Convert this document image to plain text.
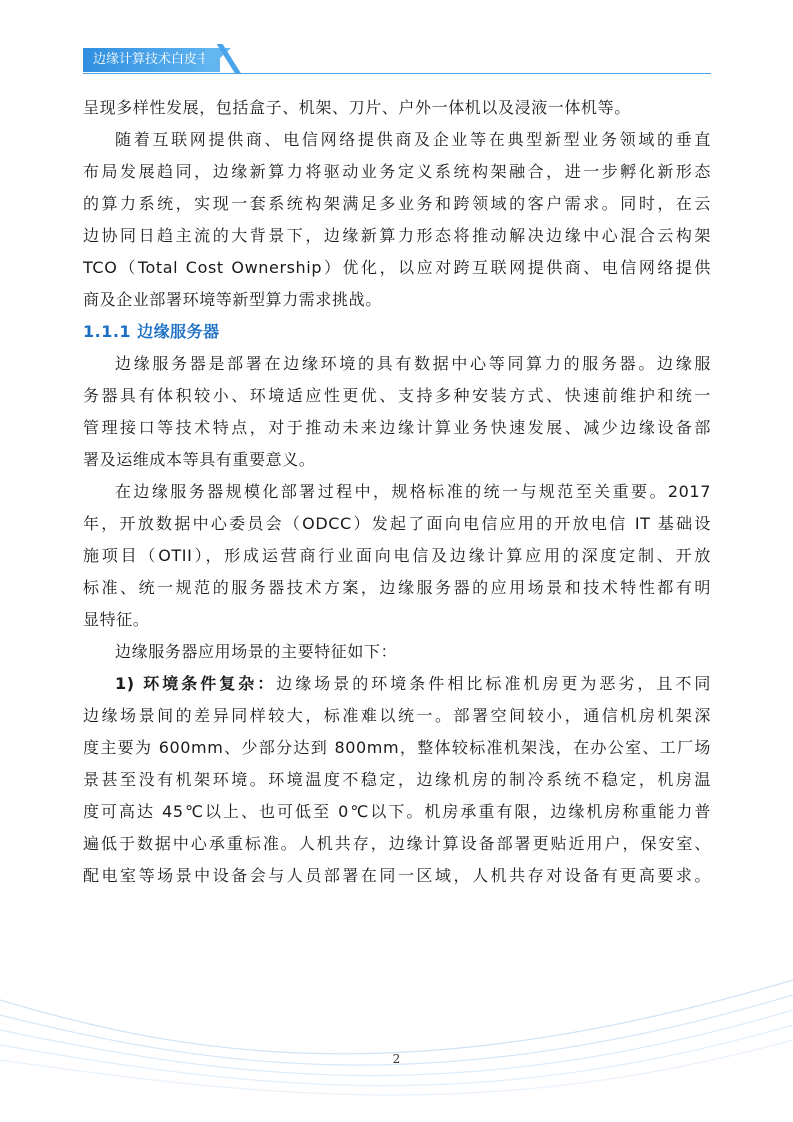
边缘计算技术白皮书

呈现多样性发展，包括盒子、机架、刀片、户外一体机以及浸液一体机等。

随着互联网提供商、电信网络提供商及企业等在典型新型业务领域的垂直

布局发展趋同，边缘新算力将驱动业务定义系统构架融合，进一步孵化新形态

的算力系统，实现一套系统构架满足多业务和跨领域的客户需求。同时，在云

边协同日趋主流的大背景下，边缘新算力形态将推动解决边缘中心混合云构架

TCO（Total Cost Ownership）优化，以应对跨互联网提供商、电信网络提供

商及企业部署环境等新型算力需求挑战。

1.1.1 边缘服务器

边缘服务器是部署在边缘环境的具有数据中心等同算力的服务器。边缘服

务器具有体积较小、环境适应性更优、支持多种安装方式、快速前维护和统一

管理接口等技术特点，对于推动未来边缘计算业务快速发展、减少边缘设备部

署及运维成本等具有重要意义。

在边缘服务器规模化部署过程中，规格标准的统一与规范至关重要。2017

年，开放数据中心委员会（ODCC）发起了面向电信应用的开放电信 IT 基础设

施项目（OTII），形成运营商行业面向电信及边缘计算应用的深度定制、开放

标准、统一规范的服务器技术方案，边缘服务器的应用场景和技术特性都有明

显特征。

边缘服务器应用场景的主要特征如下：

1) 环境条件复杂：边缘场景的环境条件相比标准机房更为恶劣，且不同

边缘场景间的差异同样较大，标准难以统一。部署空间较小，通信机房机架深

度主要为 600mm、少部分达到 800mm，整体较标准机架浅，在办公室、工厂场

景甚至没有机架环境。环境温度不稳定，边缘机房的制冷系统不稳定，机房温

度可高达 45℃以上、也可低至 0℃以下。机房承重有限，边缘机房称重能力普

遍低于数据中心承重标准。人机共存，边缘计算设备部署更贴近用户，保安室、

配电室等场景中设备会与人员部署在同一区域，人机共存对设备有更高要求。

2
